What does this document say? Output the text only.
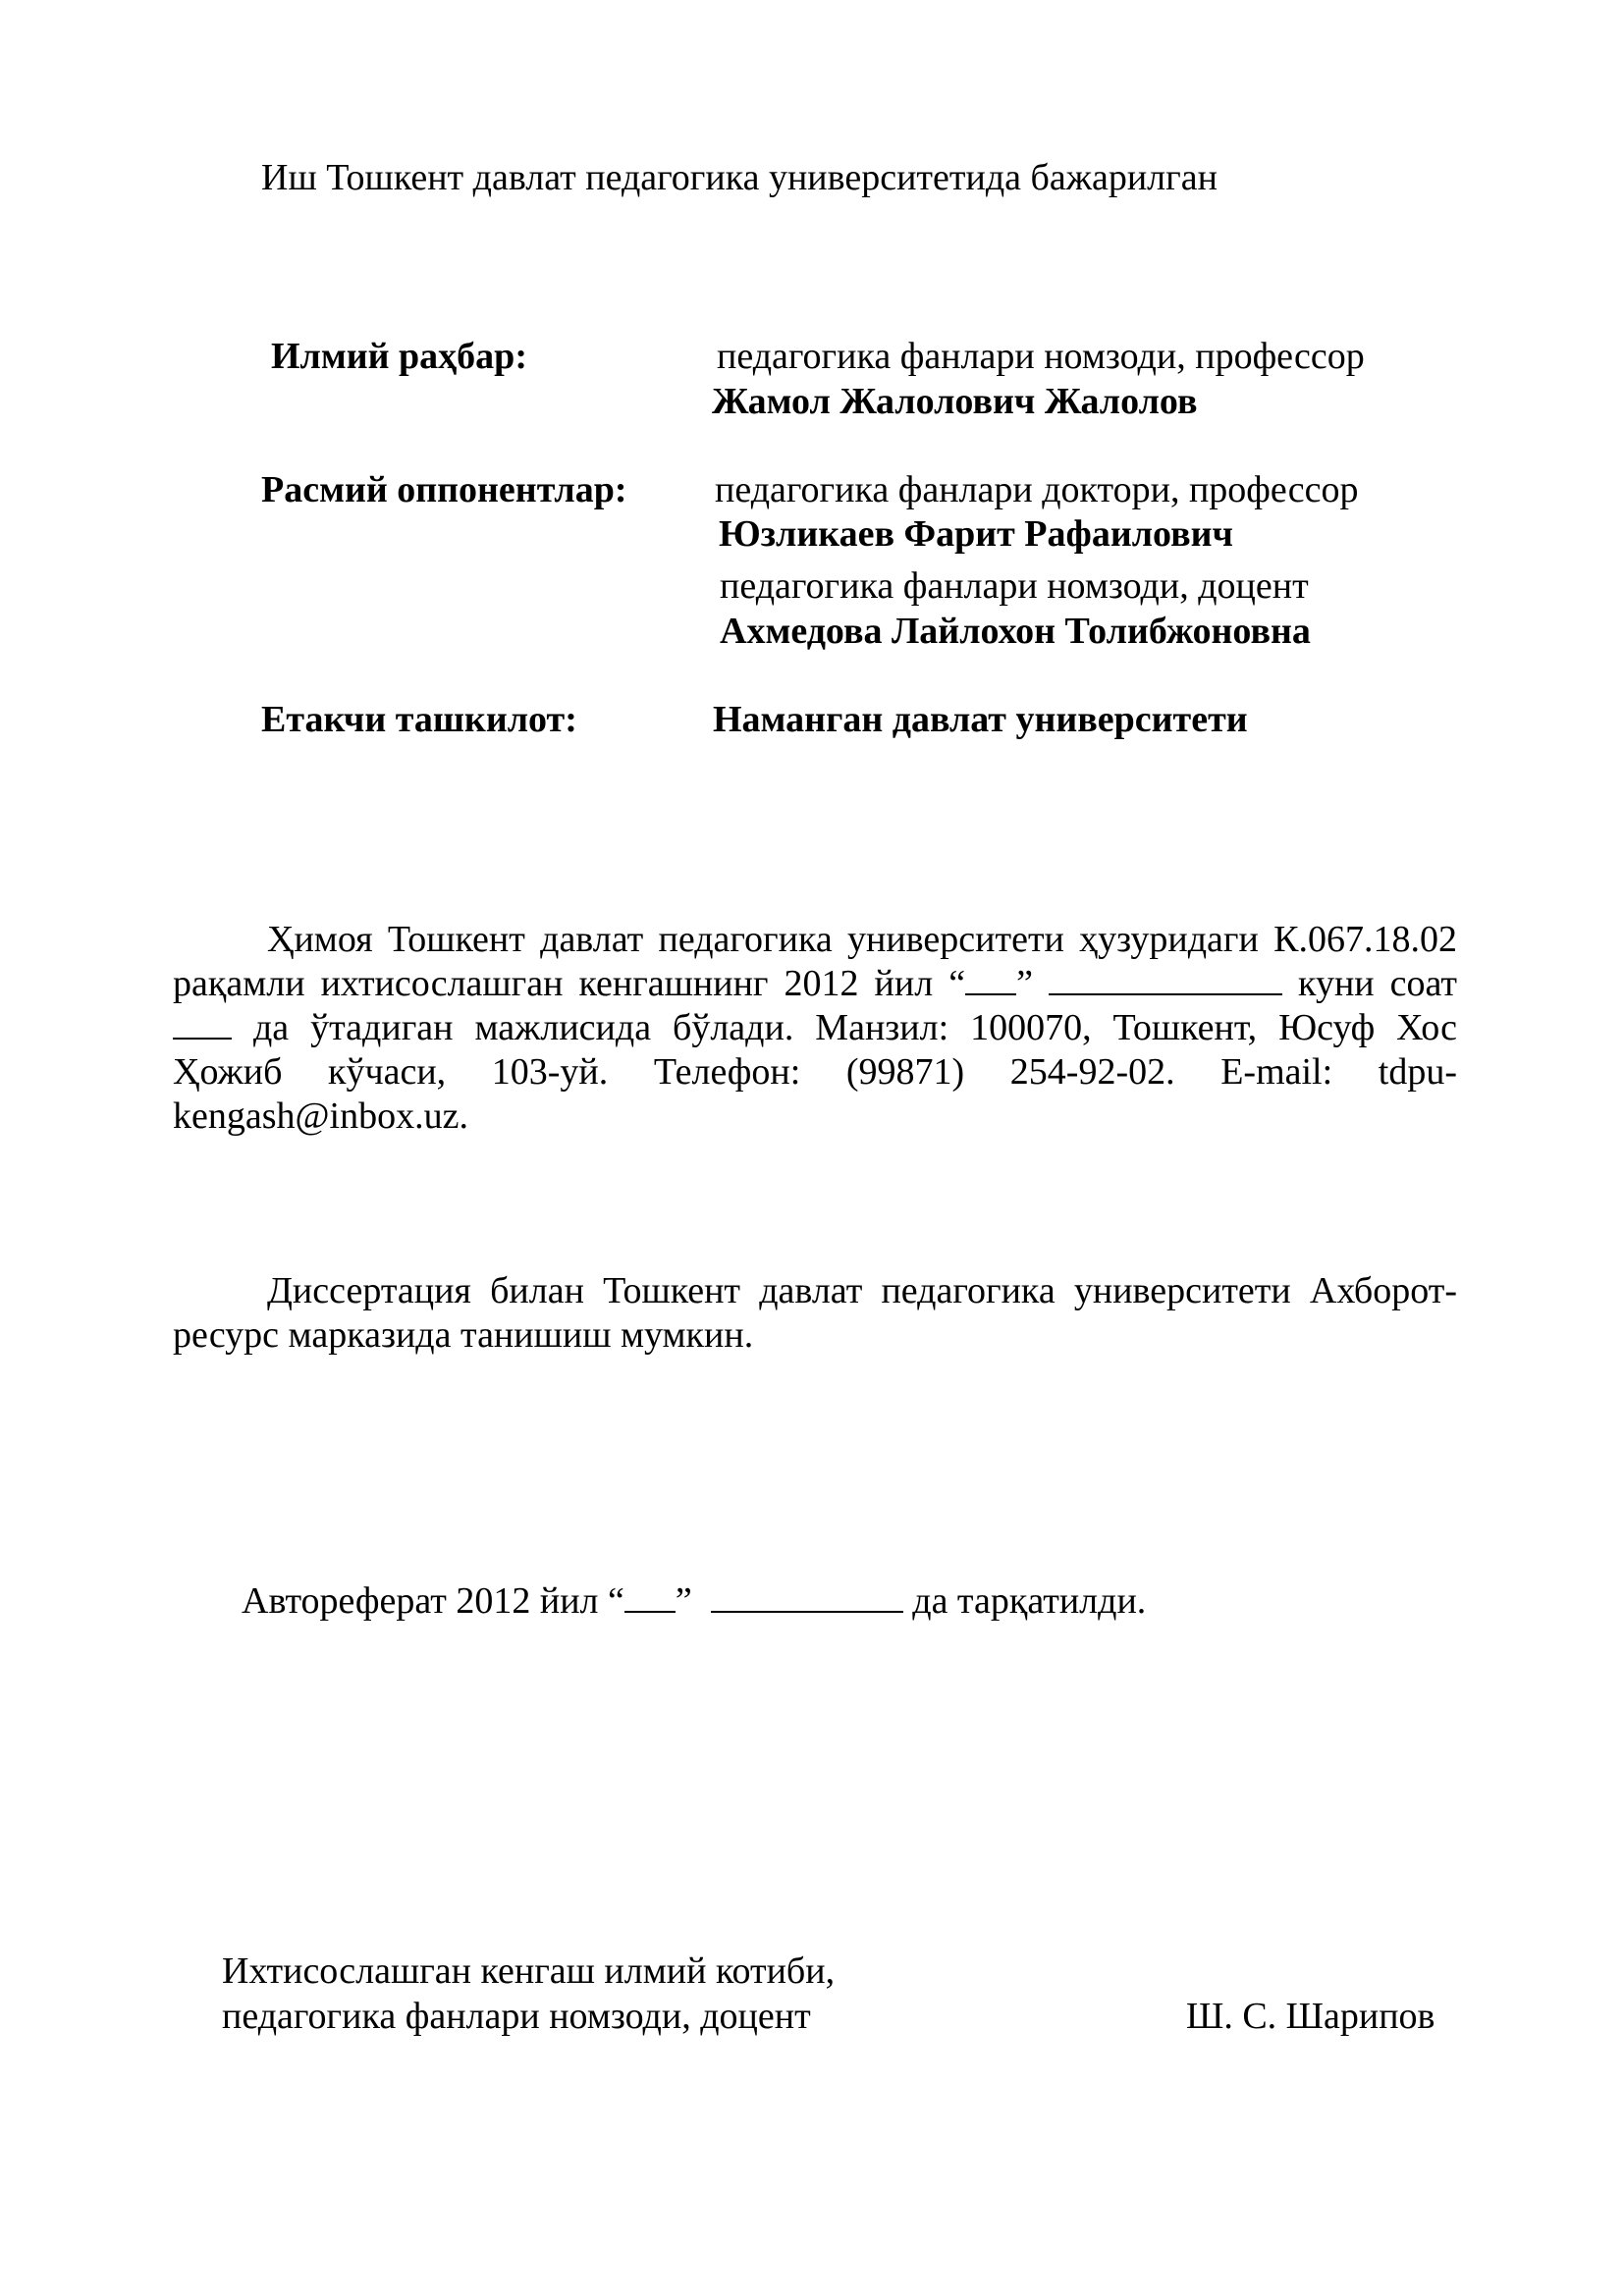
Иш Тошкент давлат педагогика университетида бажарилган
Илмий раҳбар:	педагогика фанлари номзоди, профессор
Жамол Жалолович Жалолов
Расмий оппонентлар: педагогика фанлари доктори, профессор
Юзликаев Фарит Рафаилович
педагогика фанлари номзоди, доцент
Ахмедова Лайлохон Толибжоновна
Етакчи ташкилот:	Наманган давлат университети
Ҳимоя Тошкент давлат педагогика университети ҳузуридаги К.067.18.02 рақамли ихтисослашган кенгашнинг 2012 йил “ ”	куни соат  да ўтадиган мажлисида бўлади. Манзил: 100070, Тошкент, Юсуф Хос Ҳожиб кўчаси, 103-уй. Телефон: (99871) 254-92-02. E-mail: tdpu-kengash@inbox.uz.
Диссертация билан Тошкент давлат педагогика университети Ахборот-ресурс марказида танишиш мумкин.
Автореферат 2012 йил “ ”	да тарқатилди.
Ихтисослашган кенгаш илмий котиби,
педагогика фанлари номзоди, доцент	Ш. С. Шарипов
